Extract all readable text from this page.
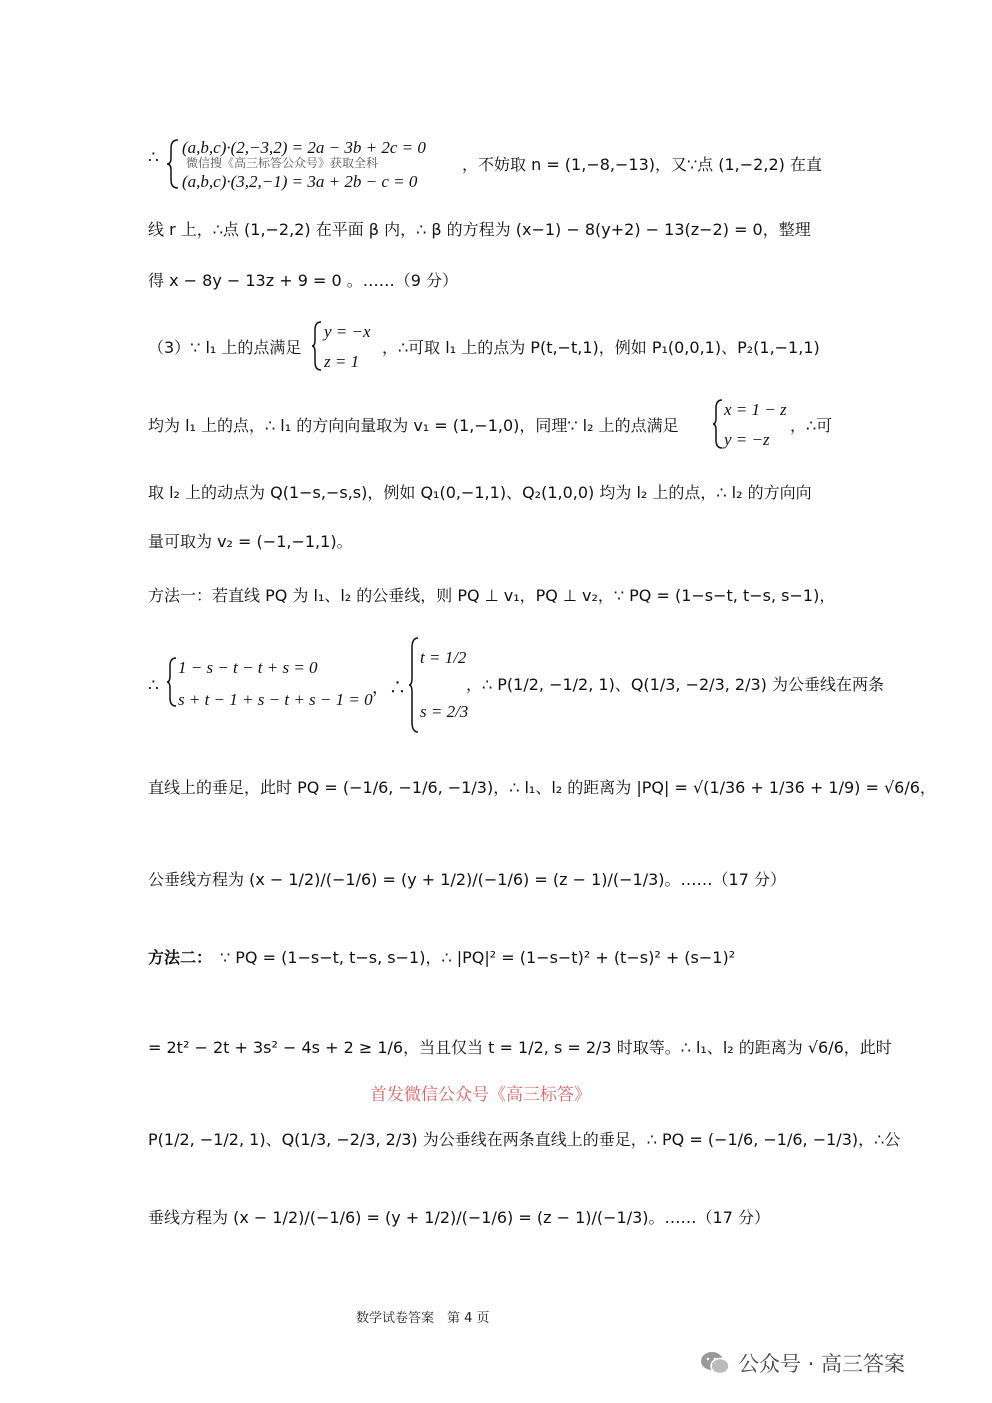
∴
(a,b,c)·(2,−3,2) = 2a − 3b + 2c = 0
(a,b,c)·(3,2,−1) = 3a + 2b − c = 0
，不妨取 n = (1,−8,−13)，又∵点 (1,−2,2) 在直
线 r 上，∴点 (1,−2,2) 在平面 β 内，∴ β 的方程为 (x−1) − 8(y+2) − 13(z−2) = 0，整理
得 x − 8y − 13z + 9 = 0 。……（9 分）
（3）∵ l₁ 上的点满足
y = −x
z = 1
，∴可取 l₁ 上的点为 P(t,−t,1)，例如 P₁(0,0,1)、P₂(1,−1,1)
均为 l₁ 上的点，∴ l₁ 的方向向量取为 v₁ = (1,−1,0)，同理∵ l₂ 上的点满足
x = 1 − z
y = −z
，∴可
取 l₂ 上的动点为 Q(1−s,−s,s)，例如 Q₁(0,−1,1)、Q₂(1,0,0) 均为 l₂ 上的点，∴ l₂ 的方向向
量可取为 v₂ = (−1,−1,1)。
方法一：若直线 PQ 为 l₁、l₂ 的公垂线，则 PQ ⊥ v₁，PQ ⊥ v₂，∵ PQ = (1−s−t, t−s, s−1)，
∴
1 − s − t − t + s = 0
s + t − 1 + s − t + s − 1 = 0
，∴
t = 1/2
s = 2/3
，∴ P(1/2, −1/2, 1)、Q(1/3, −2/3, 2/3) 为公垂线在两条
直线上的垂足，此时 PQ = (−1/6, −1/6, −1/3)，∴ l₁、l₂ 的距离为 |PQ| = √(1/36 + 1/36 + 1/9) = √6/6，
公垂线方程为 (x − 1/2)/(−1/6) = (y + 1/2)/(−1/6) = (z − 1)/(−1/3)。……（17 分）
方法二： ∵ PQ = (1−s−t, t−s, s−1)，∴ |PQ|² = (1−s−t)² + (t−s)² + (s−1)²
= 2t² − 2t + 3s² − 4s + 2 ≥ 1/6，当且仅当 t = 1/2, s = 2/3 时取等。∴ l₁、l₂ 的距离为 √6/6，此时
P(1/2, −1/2, 1)、Q(1/3, −2/3, 2/3) 为公垂线在两条直线上的垂足，∴ PQ = (−1/6, −1/6, −1/3)，∴公
垂线方程为 (x − 1/2)/(−1/6) = (y + 1/2)/(−1/6) = (z − 1)/(−1/3)。……（17 分）
微信搜《高三标答公众号》获取全科
首发微信公众号《高三标答》
数学试卷答案　第 4 页
公众号 · 高三答案
